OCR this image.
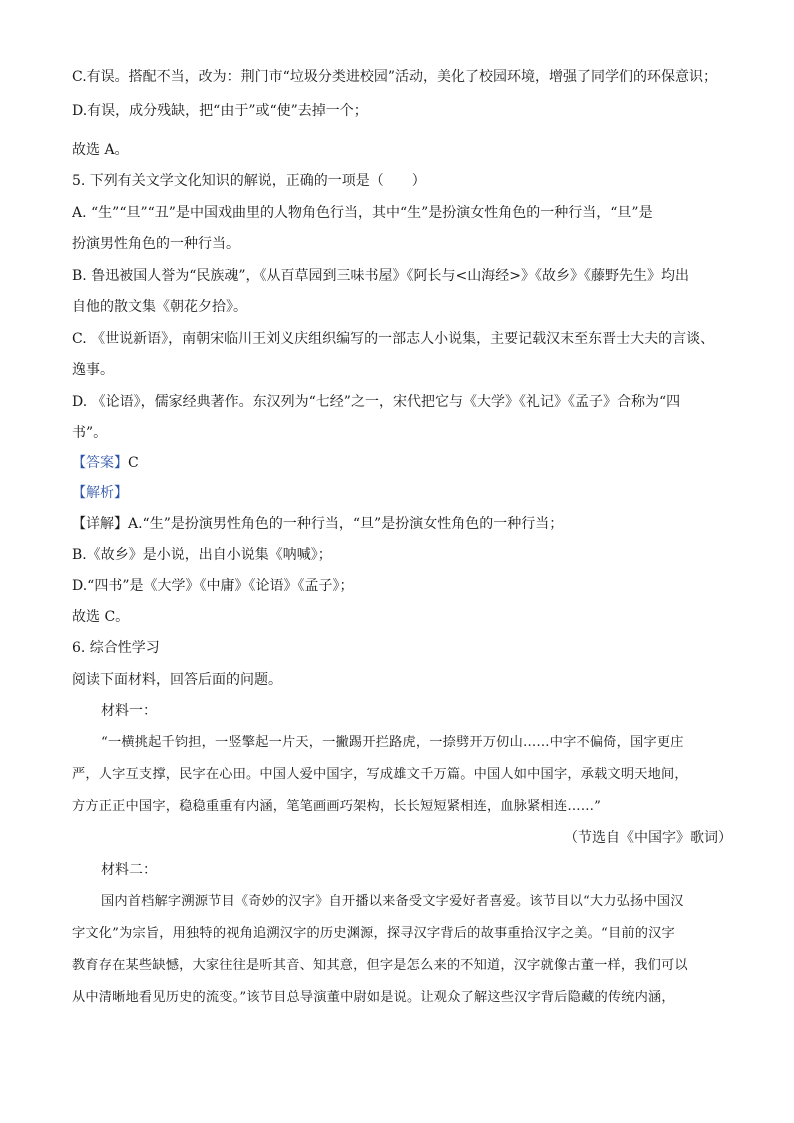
C.有误。搭配不当，改为：荆门市“垃圾分类进校园”活动，美化了校园环境，增强了同学们的环保意识；
D.有误，成分残缺，把“由于”或“使”去掉一个；
故选 A。
5. 下列有关文学文化知识的解说，正确的一项是（　　）
A. “生”“旦”“丑”是中国戏曲里的人物角色行当，其中“生”是扮演女性角色的一种行当，“旦”是
扮演男性角色的一种行当。
B. 鲁迅被国人誉为“民族魂”，《从百草园到三味书屋》《阿长与<山海经>》《故乡》《藤野先生》均出
自他的散文集《朝花夕拾》。
C. 《世说新语》，南朝宋临川王刘义庆组织编写的一部志人小说集，主要记载汉末至东晋士大夫的言谈、
逸事。
D. 《论语》，儒家经典著作。东汉列为“七经”之一，宋代把它与《大学》《礼记》《孟子》合称为“四
书”。
【答案】C
【解析】
【详解】A.“生”是扮演男性角色的一种行当，“旦”是扮演女性角色的一种行当；
B.《故乡》是小说，出自小说集《呐喊》；
D.“四书”是《大学》《中庸》《论语》《孟子》；
故选 C。
6. 综合性学习
阅读下面材料，回答后面的问题。
材料一：
“一横挑起千钧担，一竖擎起一片天，一撇踢开拦路虎，一捺劈开万仞山……中字不偏倚，国字更庄
严，人字互支撑，民字在心田。中国人爱中国字，写成雄文千万篇。中国人如中国字，承载文明天地间，
方方正正中国字，稳稳重重有内涵，笔笔画画巧架构，长长短短紧相连，血脉紧相连……”
（节选自《中国字》歌词）
材料二：
国内首档解字溯源节目《奇妙的汉字》自开播以来备受文字爱好者喜爱。该节目以“大力弘扬中国汉
字文化”为宗旨，用独特的视角追溯汉字的历史渊源，探寻汉字背后的故事重拾汉字之美。“目前的汉字
教育存在某些缺憾，大家往往是听其音、知其意，但字是怎么来的不知道，汉字就像古董一样，我们可以
从中清晰地看见历史的流变。”该节目总导演董中尉如是说。让观众了解这些汉字背后隐藏的传统内涵，
